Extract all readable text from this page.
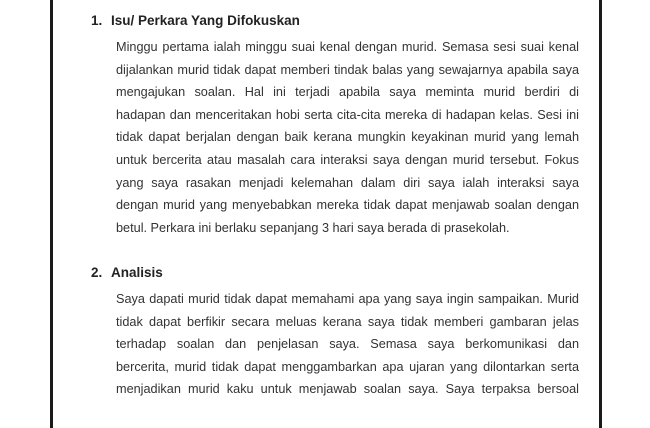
1. Isu/ Perkara Yang Difokuskan
Minggu pertama ialah minggu suai kenal dengan murid. Semasa sesi suai kenal
dijalankan murid tidak dapat memberi tindak balas yang sewajarnya apabila saya
mengajukan soalan. Hal ini terjadi apabila saya meminta murid berdiri di
hadapan dan menceritakan hobi serta cita-cita mereka di hadapan kelas. Sesi ini
tidak dapat berjalan dengan baik kerana mungkin keyakinan murid yang lemah
untuk bercerita atau masalah cara interaksi saya dengan murid tersebut. Fokus
yang saya rasakan menjadi kelemahan dalam diri saya ialah interaksi saya
dengan murid yang menyebabkan mereka tidak dapat menjawab soalan dengan
betul. Perkara ini berlaku sepanjang 3 hari saya berada di prasekolah.
2. Analisis
Saya dapati murid tidak dapat memahami apa yang saya ingin sampaikan. Murid
tidak dapat berfikir secara meluas kerana saya tidak memberi gambaran jelas
terhadap soalan dan penjelasan saya. Semasa saya berkomunikasi dan
bercerita, murid tidak dapat menggambarkan apa ujaran yang dilontarkan serta
menjadikan murid kaku untuk menjawab soalan saya. Saya terpaksa bersoal
